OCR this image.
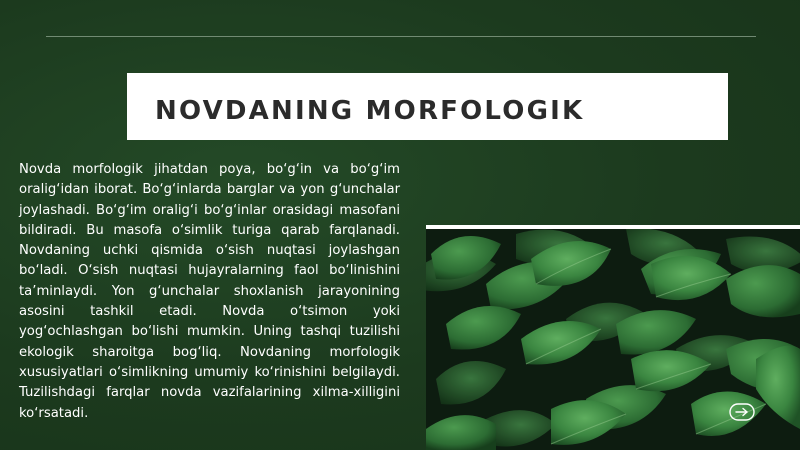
NOVDANING MORFOLOGIK

Novda morfologik jihatdan poya, bo‘g‘in va bo‘g‘im oralig‘idan iborat. Bo‘g‘inlarda barglar va yon g‘unchalar joylashadi. Bo‘g‘im oralig‘i bo‘g‘inlar orasidagi masofani bildiradi. Bu masofa o‘simlik turiga qarab farqlanadi. Novdaning uchki qismida o‘sish nuqtasi joylashgan bo‘ladi. O‘sish nuqtasi hujayralarning faol bo‘linishini ta’minlaydi. Yon g‘unchalar shoxlanish jarayonining asosini tashkil etadi. Novda o‘tsimon yoki yog‘ochlashgan bo‘lishi mumkin. Uning tashqi tuzilishi ekologik sharoitga bog‘liq. Novdaning morfologik xususiyatlari o‘simlikning umumiy ko‘rinishini belgilaydi. Tuzilishdagi farqlar novda vazifalarining xilma-xilligini ko‘rsatadi.
